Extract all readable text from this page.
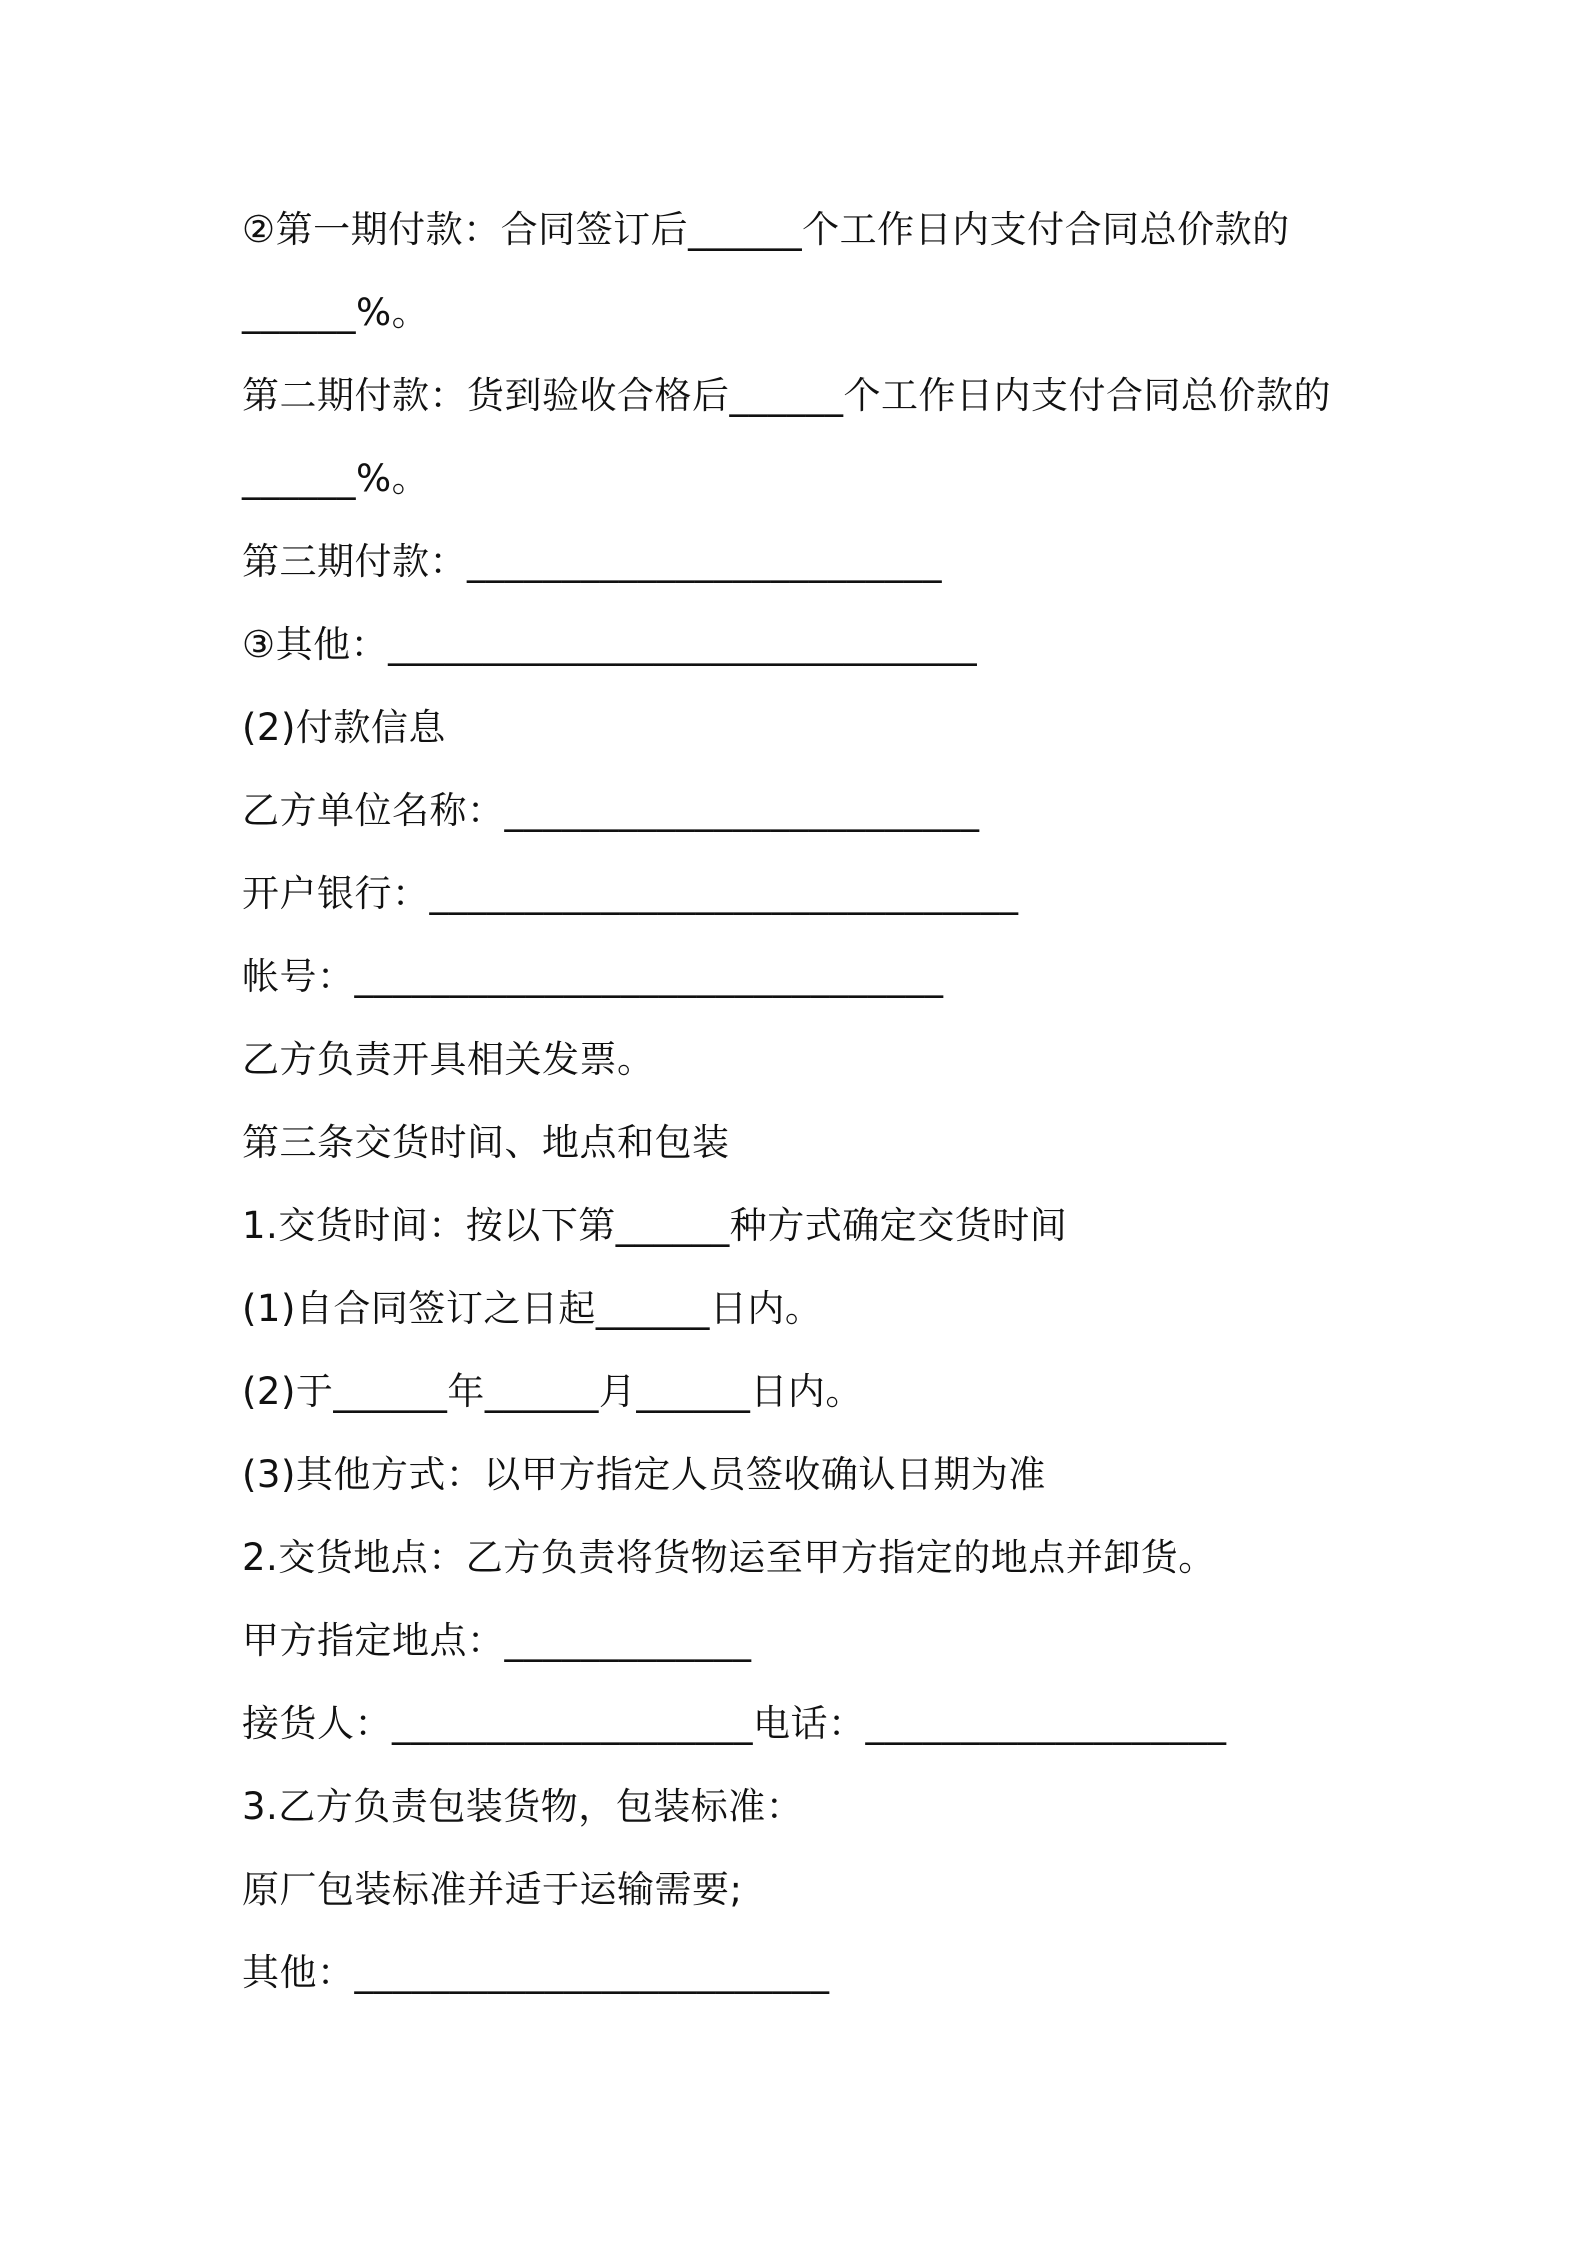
②第一期付款：合同签订后______个工作日内支付合同总价款的
______%。
第二期付款：货到验收合格后______个工作日内支付合同总价款的
______%。
第三期付款：_________________________
③其他：_______________________________
(2)付款信息
乙方单位名称：_________________________
开户银行：_______________________________
帐号：_______________________________
乙方负责开具相关发票。
第三条交货时间、地点和包装
1.交货时间：按以下第______种方式确定交货时间
(1)自合同签订之日起______日内。
(2)于______年______月______日内。
(3)其他方式：以甲方指定人员签收确认日期为准
2.交货地点：乙方负责将货物运至甲方指定的地点并卸货。
甲方指定地点：_____________
接货人：___________________电话：___________________
3.乙方负责包装货物，包装标准：
原厂包装标准并适于运输需要;
其他：_________________________
